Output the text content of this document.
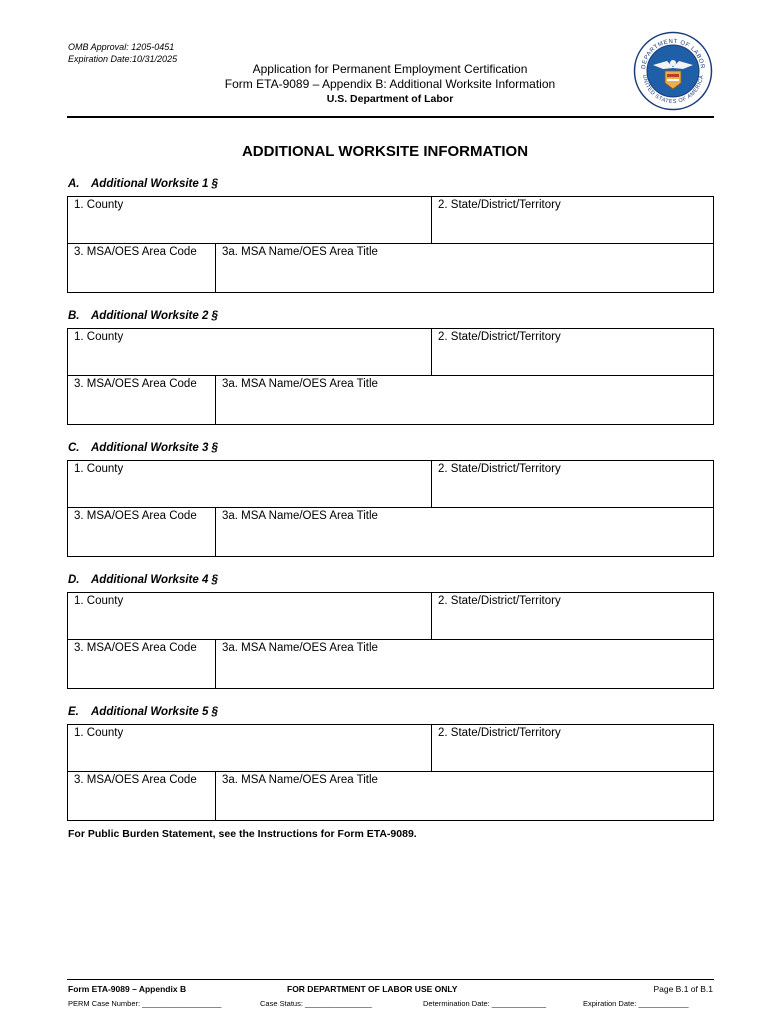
OMB Approval: 1205-0451
Expiration Date:10/31/2025
Application for Permanent Employment Certification
Form ETA-9089 – Appendix B: Additional Worksite Information
U.S. Department of Labor
DEPARTMENT OF LABOR
UNITED STATES OF AMERICA
ADDITIONAL WORKSITE INFORMATION
A. Additional Worksite 1 §
1. County	2. State/District/Territory
3. MSA/OES Area Code 3a. MSA Name/OES Area Title
B. Additional Worksite 2 §
1. County	2. State/District/Territory
3. MSA/OES Area Code 3a. MSA Name/OES Area Title
C. Additional Worksite 3 §
1. County	2. State/District/Territory
3. MSA/OES Area Code 3a. MSA Name/OES Area Title
D. Additional Worksite 4 §
1. County	2. State/District/Territory
3. MSA/OES Area Code 3a. MSA Name/OES Area Title
E. Additional Worksite 5 §
1. County	2. State/District/Territory
3. MSA/OES Area Code 3a. MSA Name/OES Area Title
For Public Burden Statement, see the Instructions for Form ETA-9089.
Form ETA-9089 – Appendix B	FOR DEPARTMENT OF LABOR USE ONLY	Page B.1 of B.1
PERM Case Number: ___________________	Case Status: ________________	Determination Date: _____________	Expiration Date: ____________
